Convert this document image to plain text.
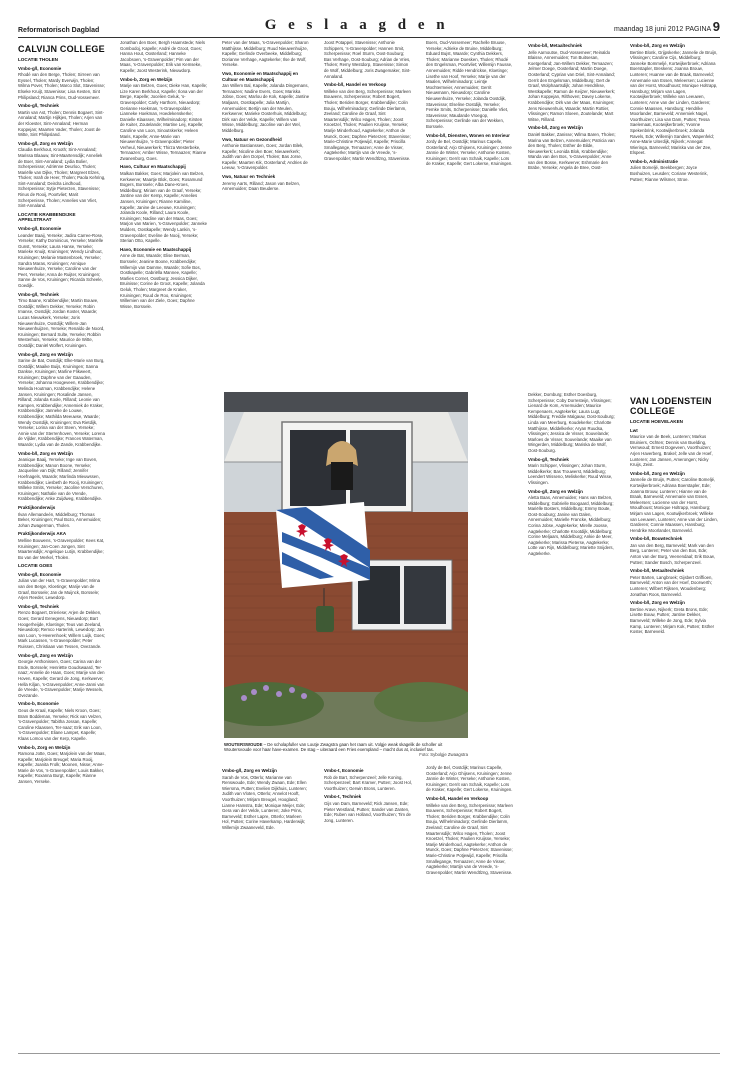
Reformatorisch Dagblad	G e s l a a g d e n	maandag 18 juni 2012 PAGINA 9
CALVIJN COLLEGE

LOCATIE THOLEN

Vmbo-g/l, Economie

Rhodé van den Berge, Tholen; Sirreen van Eyssel, Tholen; Mardy Everwijn, Tholen; Wilma Pover, Tholen; Marco Slot, Stavenisse; Elseke Kruijt, Stavenisse; Lisa Kesten, Sint Philipsland; Rianca Prins, Oud-Vossemeer.

Vmbo-g/l, Techniek

Martin van Ast, Tholen; Dennis Bogaert, Sint-Annaland; Martijn Hijlkjes, Tholen; Arjen van der Kloester, Sint-Annaland; Herman Koppejan; Maarten Vader, Tholen; Joost de Witte, Sint Philipsland.

Vmbo-g/l, Zorg en Welzijn

Claudia Berkhout, Krooth; Sint-Annaland; Marissa Blaauw, Sint-Maartensdijk; Anneliek de Boer, Sint-Annaland; Lydia Bolier, Scherpenisse; Adriënne Deurloo, Tholen; Mariëlle van Dijke, Tholen; Margreet Elzes, Tholen; Israh de Heer, Tholen; Paola Kehring, Sint-Annaland; Deirdra Lindhoud, Scherpenisse; Sytje Pieterzen, Stavenisse; Rinus de Rooij, Poortvliet; Marit Scherpenisse, Tholen; Annelies van Vliet, Sint-Annaland.

LOCATIE KRABBENDIJKE APPELSTRAAT

Vmbo-g/l, Economie

Leander Baaij, Yerseke; Jadira Carree-Rose, Yerseke; Kathy Dominicus, Yerseke; Mariëlle Gunst, Yerseke; Laura Hanse, Yerseke; Marieke Knuijt, Kruiningen; Wendy Lindhout, Kruiningen; Melanie Mastenbroek, Yerseke; Sandra Maras, Kruiningen; Annique Nieuwenhuize, Yerseke; Caroline van der Peet, Yerseke; Anna de Ruijter, Kruiningen; Sanne de Vos, Kruiningen; Ricarda Scheele, Goedijk.

Vmbo-g/l, Techniek

Timo Baane, Krabbendijke; Martin Bouwe, Oostdijk; Willem Dekker, Yerseke; Robin Imanse, Oostdijk; Jordan Koster, Waarde; Lucas Nieuwkerk, Yerseke; Joris Nieuwenhuize, Oostdijk; Willem-Jan Nieuwenhuijzen, Yerseke; Renaldo de Noord, Kruiningen; Bernard Sulte, Yerseke; Robbin Westerhuis, Yerseke; Maurice de Witte, Oostdijk; Daniël Wolfert, Kruiningen.

Vmbo-g/l, Zorg en Welzijn

Sarine de Bat, Oostdijk; Elke-Marie van Burg, Oostdijk; Maaike Buijs, Kruiningen; Sanna Dankse, Kruiningen; Marline Flikweert, Kruiningen; Daphne van der Gaauden, Yerseke; Johanna Hoogeveen, Krabbendijke; Melinda Houtman, Krabbendijke; Helene Jansen, Kruiningen; Rosalinde Jansen, Rilland; Jolanda Koole, Rilland; Leonie van Kampen, Krabbendijke; Annemiek de Kraker, Krabbendijke; Janneke de Louwe, Krabbendijke; Mathilda Meeuwse, Waarde; Wendy Oostdijk, Kruiningen; Eva Rietdijk, Yerseke; Lorina van der Steen, Yerseke; Annie van der Sterrenhoven, Yerseke; Lorena de Vijlder, Krabbendijke; Frances Waterman, Waarde; Lydia van de Zande, Krabbendijke.

Vmbo-b/l, Zorg en Welzijn

Jeanique Baaij, Yerseke; Inge van Boven, Krabbendijke; Manon Boone, Yerseke; Jacqueline van Dijk; Rilland; Jennifer Hoefnagels, Waarde; Marlinda Mieuwssen, Krabbendijke; Liesbeth de Rooij, Kruiningen; Willeke Smits, Yerseke; Jacoline Verschuren, Kruiningen; Nathalie van de Vrende, Krabbendijke; Anke Zuijdweg, Krabbendijke.

Praktijkonderwijs

Ilvan Allemandeén, Middelburg; Thomas Beker, Kruiningen; Paul Bozo, Annemuiden; Johan Zwagerman, Tholen.

Praktijkonderwijs AKA

Melline Bouwens, 's-Gravenpolder; Kees Kat, Kruiningen; Jan-Coen Jongen, Sint Maartensdijk; Angelique Lutijn, Krabbendijke; Bo van der Merkel, Tholen.

LOCATIE GOES

Vmbo-g/l, Economie

Julian van der Hart, 's-Gravenpolder; Mirna van den Berge, Kloetinge; Marije van de Graaf, Borssele; Jan de Muijnck, Borssele; Arjen Reeder, Lewedorp.

Vmbo-g/l, Techniek

Renzo Bogaert, Drieriese; Arjen de Dekken, Goes; Gerard Eenegens, Nieuwdorp; Bart Hoogerheijde, Kloetinge; Teus van Zeeland, Nieuwdorp; Remco Harterink, Lewedorp; Jan van Loon, 's-Heerenhoek; Willem Luijk, Goes; Mark Lucassen, 's-Gravenpolder; Peter Ruissen, Christiaan van Tessen, Ovezande.

Vmbo-g/l, Zorg en Welzijn

Georgie Anthonissen, Goes; Carina van der Ende, Borssele; Henriëtte Goudswaard, Ter-naaz; Annelie de Haan, Goes; Marije van den Hoven, Kapelle; Gerard de Jong, Kerkwerve; Hella Kiljan, 's-Gravenpolder; Anne-Janni van de Vreede, 's-Gravenpolder; Marije Wessels, Ovezande.

Vmbo-b, Economie

Geus de Kraal, Kapelle; Niels Kroon, Goes; Bram Boddeman, Yerseke; Rick van Velzen, 's-Gravenpolder; Tabitha Jossan, Kapelle; Caroline Klaassen, Ter-naaz; Erik van Loon, 's-Gravenpolder; Eliane Lampet, Kapelle; Klaas Lomoo van der Kerp, Kapelle.

Vmbo-b, Zorg en Welzijn

Ramona Jotte, Goes; Marjolein van der Maas, Kapelle; Marjolein Breugel; Maria Rooij, Kapelle; Joanita Frolk; Moonen, Nisse; Anne-Marie de Vos, 's-Gravenpolder; Louis Bakker, Kapelle; Roxanna Burgt, Kapelle; Rianne Jansen, Yerseke.

Jonathan den Boer, Bergh Haamstede; Niels Gombodoj, Kapelle; André de Groot, Goes; Hanna Hout, Oosterland; Hanneke Jacobsoen, 's-Gravenpolder; Pim van der Maas, 's-Gravenpolder; Erik van Kemseke, Kapelle; Joost Westerink, Nieuwdorp.

Vmbo-b, Zorg en Welzijn

Marije van Belzen, Goes; Dieke Han, Kapelle; Lize Karen Berkhout, Kapelle; Ilona van der Berge, Kapelle; Jocelien Geluk, 's-Gravenpolder; Carly Harthorn, Nieuwdorp; Gerianne Hoekman, 's-Gravenpolder; Lianneke Hoekman, Hoedekenskerke; Danielle Klaassen, Wilhelminadorp; Kirsten de Kuiter, Zoutelande; Martine Leij, Kapelle; Caroline van Loon, Sinoutskerke; Heleen Maris, Kapelle; Anne-Marie van Nieuwenhuijze, 's-Gravenpolder; Pieter Verheul, Nieuwerkerk; Thirza Westerbeke, Ternaazen; Amber Wisse, Ternaazen; Rianne Zwanenburg, Goes.

Havo, Cultuur en Maatschappij

Malkan Bakker, Goes; Marjolein van Belzen, Kerkwerve; Maartje Blok, Goes; Rosamund Bogers, Borssele; Alba Dane-Kroes, Middelburg; Miriam van de Graaf, Yerseke; Jantine van der Kemp, Kapelle; Annelies Jansen, Kruiningen; Rianne Kamiline, Kapelle; Janine de Leeuwe, Kruiningen; Jolanda Koole, Rilland; Laura Koole, Kruiningen; Nadine van der Maas, Goes; Marjon van Marien, 's-Gravenpolder; Janneke Mulders, Oostkapelle; Wendy Lankin, 's-Gravenpolder; Eveline de Nooij, Yerseke; Sterian Otto, Kapelle.

Havo, Economie en Maatschappij

Anne de Bat, Waarde; Elise Berman, Borssele; Jeanine Boone, Krabbendijke; Willemijn van Damme, Waarde; Sofie Bos, Oostkapelle; Gabriëlla Mannee, Kapelle; Marlies Cornet, Oostburg; Jessica Dijker, Bruinisse; Corine de Groot, Kapelle; Jolanda Geluk, Tholen; Margreet de Kraker, Kruiningen; Ruud de Roo, Kruiningen; Willemien van der Ziele, Goes; Daphne Wisse, Borssele.

Peter van der Maas, 's-Gravenpolder; Sharon Matthijsse, Middelburg; Ruud Nieuwenhuijze, Kapelle; Gerlinde Overbeeke, Middelburg; Dorianne Verhage, Aagtekerke; Ilse de Wolf, Yerseke.

Vwo, Economie en Maatschappij en Cultuur en Maatschappij

Jan Willem Bal, Kapelle; Jolanda Dingemans, Ternaazen; Nadine Evers, Goes; Mariska Jobse, Goes; Marlou de Kok, Kapelle; Jantine Maljaars, Oostkapelle; Julia Martijn, Annemuiden; Bertijn van der Meulen, Kerkwerve; Marieke Oosterhuis, Middelburg; Dirk van der Velde, Kapelle; Willem van Wisse, Middelburg; Jacoline van der Wel, Middelburg.

Vwo, Natuur en Gezondheid

Anthonie Bastianssen, Goes; Jordan Bilek, Kapelle; Nicoline den Boer, Nieuwerkerk; Judith van den Dorpel, Tholen; Bas Jorse, Kapelle; Maarten Kik, Oosterland; Andries de Leeuw, 's-Gravenpolder.

Vwo, Natuur en Techniek

Jeremy Aarts, Rilland; Jason van Belzen, Annemuiden; Daan Beuderse.

Joost Potappel, Stavenisse; Anthonie Schippers, 's-Gravenpolder; Hannen Smit, Scherpenisse; Roel Sturm, Oost-Souburg; Bas Verhage, Oost-Souburg; Adrian de Vries, Tholen; Remy Westdorp, Stavenisse; Simon de Wolf, Middelburg; Joris Zwagemaker, Sint-Annaland.

Vmbo-b/l, Handel en Verkoop

Willeke van den Berg, Scherpenisse; Marleen Bouwens, Scherpenisse; Robert Bogert, Tholen; Beriden Borger, Krabbendijke; Colin Bouju, Wilhelminadorp; Gerlinde Dierlamm, Zeeland; Caroline de Graaf, Sint Maartensdijk; Wilco Hagen, Tholen; Joost Knoetzel, Tholen; Paulien Kruijsse, Yerseke; Marije Minderhoud, Aagtekerke; Anthon de Munck, Goes; Daphne Pieterzen; Stavenisse; Marie-Christine Potjewijd, Kapelle; Priscilla Smallegange, Ternaazen; Anne de Visser, Aagtekerke; Martijn van de Vreede, 's-Gravenpolder; Martin Wendtlzng, Stavenisse.

Boers, Oud-Vossemeer; Rachelle Bruuse, Yerseke; Adrieke de Bruine, Middelburg; Eduard Bujst, Waarde; Cynthia Dekkers, Tholen; Marianne Doesken, Tholen; Rhodé den Engelsman, Poortvliet; Willemijn Fausse, Annemuiden; Ridde Hendrickse, Kloetinge; Lisethe van Hoof, Yerseke; Marije van der Maalen, Wilhelminadorp; Leintje Mochtermeier, Annemuiden; Gerrit Nieuwmann, Nieuwdorp; Caroline Nieuwenhuize, Yerseke; Jolanda Oostdijk, Stavenisse; Elseline Oostdijk, Yerseke; Femke Smits, Scherpenisse; Daniëlle Vliet, Stavenisse; Maudande Vroegop, Scherpenisse; Gerlinde van der Wekken, Borssele.

Vmbo-b/l, Diensten, Wonen en Interieur

Jordy de Bel, Oostdijk; Marinus Capelle, Oosterland; Arjo Ghijsens, Kruiningen; Jenne Jannie de Winter, Yerseke; Anthonie Kosten, Kruiningen; Gerrit van Schaik, Kapelle; Loïs de Kraker, Kapelle; Gert Lokerse, Kruiningen.

Vmbo-b/l, Metaaltechniek

Jelle Aarnoutse, Oud-Vossemeer; Reinaldo Blaisse, Annemuiden; Ton Buitsesan, Koetgerland; Jan-Willem Dekker, Ternaazen; Jelmer Doege, Oosterland; Martin Doege, Oosterland; Cyprian van Driel, Sint-Annaland; Gerrit den Engelsman, Middelburg; Gert de Graaf, Wolphaartsdijk; Johan Hendrikse, Westkapelle; Ramon de Keijzer, Nieuwerkerk; Johan Koppejan, Rilthoven; Davey Lokerse, Krabbendijke; Dirk van der Maas, Kruiningen; Jens Nieuwenhuis, Waarde; Martin Rottier, Vlissingen; Ramon Sloeen, Zoutelande; Mart Witse, Rilland.

Vmbo-b/l, Zorg en Welzijn

Daniël Bakker, Zanisse; Wilma Baren, Tholen; Marina van Belzen, Annemuiden; Patricia van den Berg, Tholen; Esther de Bilde, Nieuwerkerk; Leonida Blok, Krabbendijke; Wanda van den Bos, 's-Gravenpolder; Anne van den Bosse, Kerkwerve; Eshmarie den Brabe, Yerseke; Angela de Bree, Oost-

Dekker, Domburg; Esther Doesburg, Scherpenisse; Coby Dorresteijn, Vlissingen; Lienard de Kom, Arnemuiden; Maurice Kempenaers, Aagtekerke; Laura Lugt, Middelburg; Freddie Malgauw, Oost-Souburg; Linda van Meerburg, Koudekerke; Charlotte Matthijsse, Middelkerke; Aryan Ruudsa, Vlissingen; Jessica de Visser, Souvelande; Marloes de Visser, Souvelande; Maaike van Wingerden, Middelburg; Mariska de Wolf, Oost-Souburg.

Vmbo-g/l, Techniek

Marin Schipper, Vlissingen; Johan Sturm, Middelkerke; Bas Trouwerst, Middelburg; Leendert Wisseno, Meliskerke; Ruud Wisse, Vlissingen.

Vmbo-g/l, Zorg en Welzijn

Aletta Baas, Annemuiden; Hans van Belzen, Middelburg; Gabrielle Boogaard, Middelburg; Mariëlle Bosters, Middelburg; Emmy Boute, Oost-Souburg; Janine van Dalen, Annemuiden; Marielle Francke, Middelburg; Corina Jobse, Aagtekerke; Mirelle Joosse, Aagtekerke; Charlotte Krootdijk, Middelburg; Corine Meljaars, Middelburg; Ankie de Meer, Aagtekerke; Marissa Pieterse, Aagtekerke; Lotte van Rijn, Middelburg; Mariette Snijders, Aagtekerke.

Vmbo-b/l, Zorg en Welzijn

Bertine Blonk, Grijpskerke; Jannelie de Bruijn, Vlissingen; Caroline Cijs, Middelburg; Janneke Bommeljé, Kortwijkerbroek; Adriana Boerstapler, Breskens; Joanna Brouw, Lunteren; Huanne van de Braak, Barneveld; Annemarie van Essen, Meleersen; Lucienne van der Horst, Woudhoust; Monique Holtrapp, Hansburg; Mirjam van Lagen, Kootwijkerbroek; Willeke van Leeuwen, Lunteren; Anne van der Linden, Garderen; Connie Maassen, Hansburg; Hendrike Moorlander, Barneveld; Annemiek Nagel, Voorthuizen; Lisa van Dam, Putten; Tessa Saelemaat, Kootwijkerbroek; Yvonne Spekenbrink, Kootwijkerbroek; Jolanda Ravels, Ede; Willemijn Sanders, Wapenfeld; Anne-Marie Uiterdijk, Nijkerk; Annegat Wieringa, Barneveld; Mariska van der Zee, Elspeet.

Vmbo-b, Administratie

Julien Bomeljé, Beekbergen; Joyce Boshuizen, Leusden; Coriane Westerink, Putten; Rianne Wilsmer, Stroe.

VAN LODENSTEIN COLLEGE

LOCATIE HOEVELAKEN

Lwt

Maurice van de Beek, Lunteren; Markus Bruiniers, Ochten; Dennis van Buelding, Vernwoud; Ernest Dogeveen, Voorthuizen; Arjen Haverberg, Brakel; Jelle van de Hoef, Lunteren; Jan Jansen, Amerongen; Nicky Kruijs, Zeist.

Vmbo-b/l, Zorg en Welzijn

Jannelie de Bruijn, Putten; Caroline Bomeljé, Kortwijkerbroek; Adriana Boerstapler, Ede; Joanna Brouw, Lunteren; Hianne van de Braak, Barneveld; Annemarie van Essen, Meleersen; Lucienne van der Horst, Woudhoust; Monique Holtrapp, Hansburg; Mirjam van Lagen, Kootwijkerbroek; Willeke van Leeuwen, Lunteren; Anne van der Linden, Garderen; Connie Maassen, Hansburg; Hendrike Moorlander, Barneveld.

Vmbo-b/l, Bouwtechniek

Jan van den Berg, Barneveld; Mark van den Berg, Lunteren; Peter van den Bos, Ede; Anton van der Burg, Veenendaal; Erik Bouw, Putten; Sander Bosch, Scherpenzeel.

Vmbo-b/l, Metaaltechniek

Peter Barten, Langbroek; Gijsbert Griffioen, Barneveld; Anton van der Hoef, Doorwerth; Lunteren; Wilbert Rijksen, Woudenberg; Jonathan Roos, Barneveld.

Vmbo-b/l, Zorg en Welzijn

Bertine Arave, Nijkerk; Greta Brons, Ede; Lisette Bouw, Putten; Jantine Dekker, Barneveld; Willeke de Jong, Ede; Sylvia Kamp, Lunteren; Mirjam Kok, Putten; Esther Koster, Barneveld.

Vmbo-g/l, Zorg en Welzijn

Sarah de Vos, Otterlo; Marianne van Renswoude, Ede; Wendy Zwaan, Ede; Ellen Wiersma, Putten; Evelien Dijkhuis, Lunteren; Judith van Vloten, Otterlo; Annelot Hooft, Voorthuizen; Mirjam Breugel, Hoogland; Lianne Hamstra, Ede; Monique Meijer, Ede; Gera van der Velde, Lunteren; Joke Prins, Barneveld; Esther Lapre, Otterlo; Marleen Hol, Putten; Corine Haverkamp, Harderwijk; Willemijn Zwaaneveld, Ede.

Vmbo-t, Economie

Rob de Bart, Scherpenzeel; Jelle Koning, Scherpenzeel; Bart Kramer, Putten; Joost Hol, Voorthuizen; Gerwin Brons, Lunteren.

Vmbo-t, Techniek

Gijs van Dam, Barneveld; Rick Jansen, Ede; Pieter Westland, Putten; Sander van Zanten, Ede; Ruben van Holland, Voorthuizen; Tim de Jong, Lunteren.

Jordy de Bel, Oostdijk; Marinus Capelle, Oosterland; Arjo Ghijsens, Kruiningen; Jenne Jannie de Winter, Yerseke; Anthonie Kosten, Kruiningen; Gerrit van Schaik, Kapelle; Loïs de Kraker, Kapelle; Gert Lokerse, Kruiningen.

Vmbo-b/l, Handel en Verkoop

Willeke van den Berg, Scherpenisse; Marleen Bouwens, Scherpenisse; Robert Bogert, Tholen; Beriden Borger, Krabbendijke; Colin Bouju, Wilhelminadorp; Gerlinde Dierlamm, Zeeland; Caroline de Graaf, Sint Maartensdijk; Wilco Hagen, Tholen; Joost Knoetzel, Tholen; Paulien Kruijsse, Yerseke; Marije Minderhoud, Aagtekerke; Anthon de Munck, Goes; Daphne Pieterzen; Stavenisse; Marie-Christine Potjewijd, Kapelle; Priscilla Smallegange, Ternaazen; Anne de Visser, Aagtekerke; Martijn van de Vreede, 's-Gravenpolder; Martin Wendtlzng, Stavenisse.

WOUTERSWOUDE – De scholapfuller van Loutje Zwagstra gaan het raam uit. Volgje weak skagelik de scholler uit Woutersvoude voor haar have-examen. De stag – uiteraard een Fries exempland – macht dus at, inclusief tas.
Foto: Sybolgje Zwaagstra
